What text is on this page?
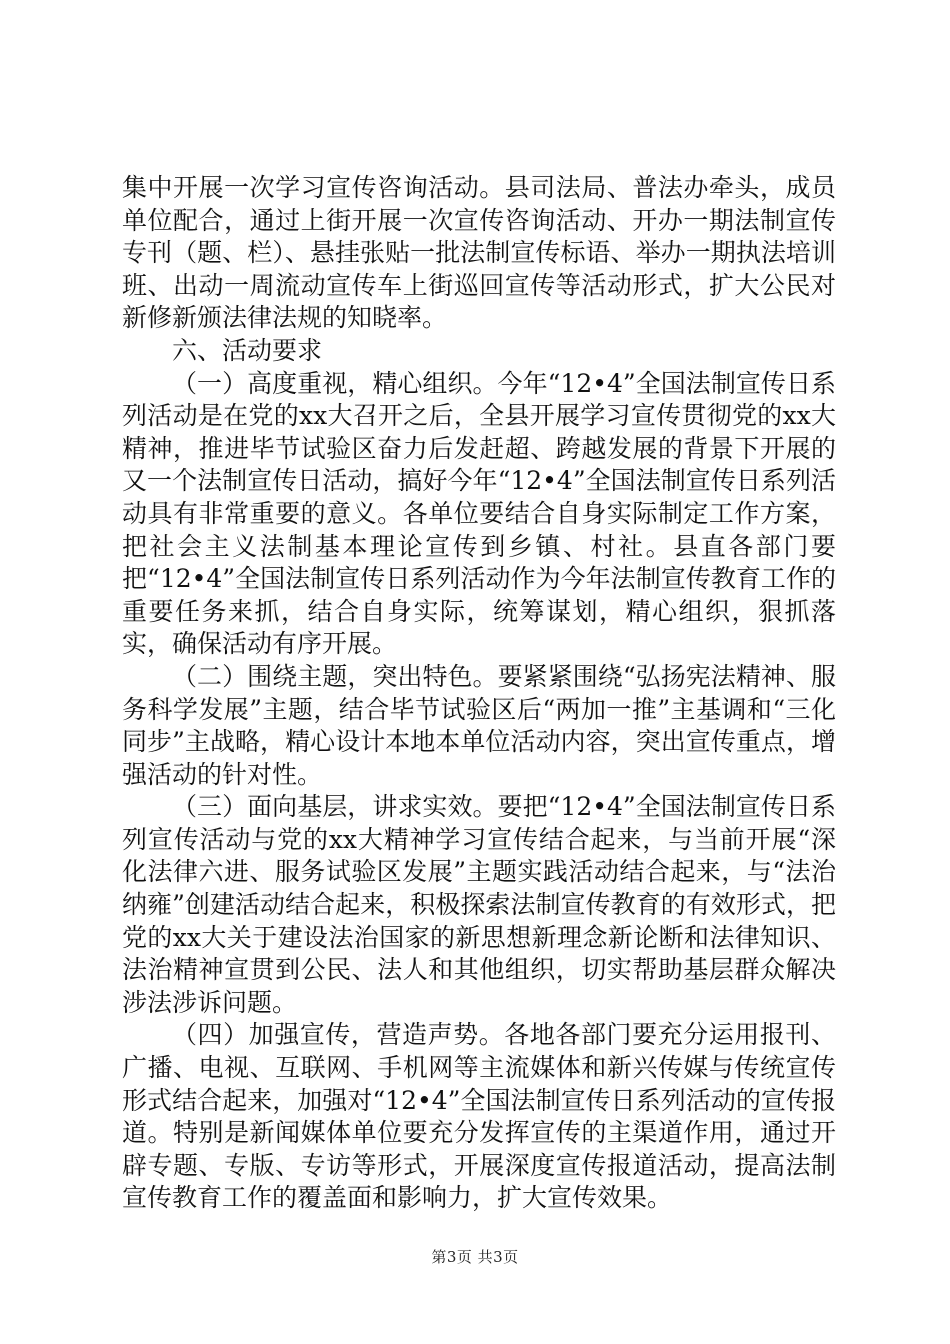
集中开展一次学习宣传咨询活动。县司法局、普法办牵头，成员单位配合，通过上街开展一次宣传咨询活动、开办一期法制宣传专刊（题、栏）、悬挂张贴一批法制宣传标语、举办一期执法培训班、出动一周流动宣传车上街巡回宣传等活动形式，扩大公民对新修新颁法律法规的知晓率。

六、活动要求

（一）高度重视，精心组织。今年“12•4”全国法制宣传日系列活动是在党的xx大召开之后，全县开展学习宣传贯彻党的xx大精神，推进毕节试验区奋力后发赶超、跨越发展的背景下开展的又一个法制宣传日活动，搞好今年“12•4”全国法制宣传日系列活动具有非常重要的意义。各单位要结合自身实际制定工作方案，把社会主义法制基本理论宣传到乡镇、村社。县直各部门要把“12•4”全国法制宣传日系列活动作为今年法制宣传教育工作的重要任务来抓，结合自身实际，统筹谋划，精心组织，狠抓落实，确保活动有序开展。

（二）围绕主题，突出特色。要紧紧围绕“弘扬宪法精神、服务科学发展”主题，结合毕节试验区后“两加一推”主基调和“三化同步”主战略，精心设计本地本单位活动内容，突出宣传重点，增强活动的针对性。

（三）面向基层，讲求实效。要把“12•4”全国法制宣传日系列宣传活动与党的xx大精神学习宣传结合起来，与当前开展“深化法律六进、服务试验区发展”主题实践活动结合起来，与“法治纳雍”创建活动结合起来，积极探索法制宣传教育的有效形式，把党的xx大关于建设法治国家的新思想新理念新论断和法律知识、法治精神宣贯到公民、法人和其他组织，切实帮助基层群众解决涉法涉诉问题。

（四）加强宣传，营造声势。各地各部门要充分运用报刊、广播、电视、互联网、手机网等主流媒体和新兴传媒与传统宣传形式结合起来，加强对“12•4”全国法制宣传日系列活动的宣传报道。特别是新闻媒体单位要充分发挥宣传的主渠道作用，通过开辟专题、专版、专访等形式，开展深度宣传报道活动，提高法制宣传教育工作的覆盖面和影响力，扩大宣传效果。

第3页 共3页
